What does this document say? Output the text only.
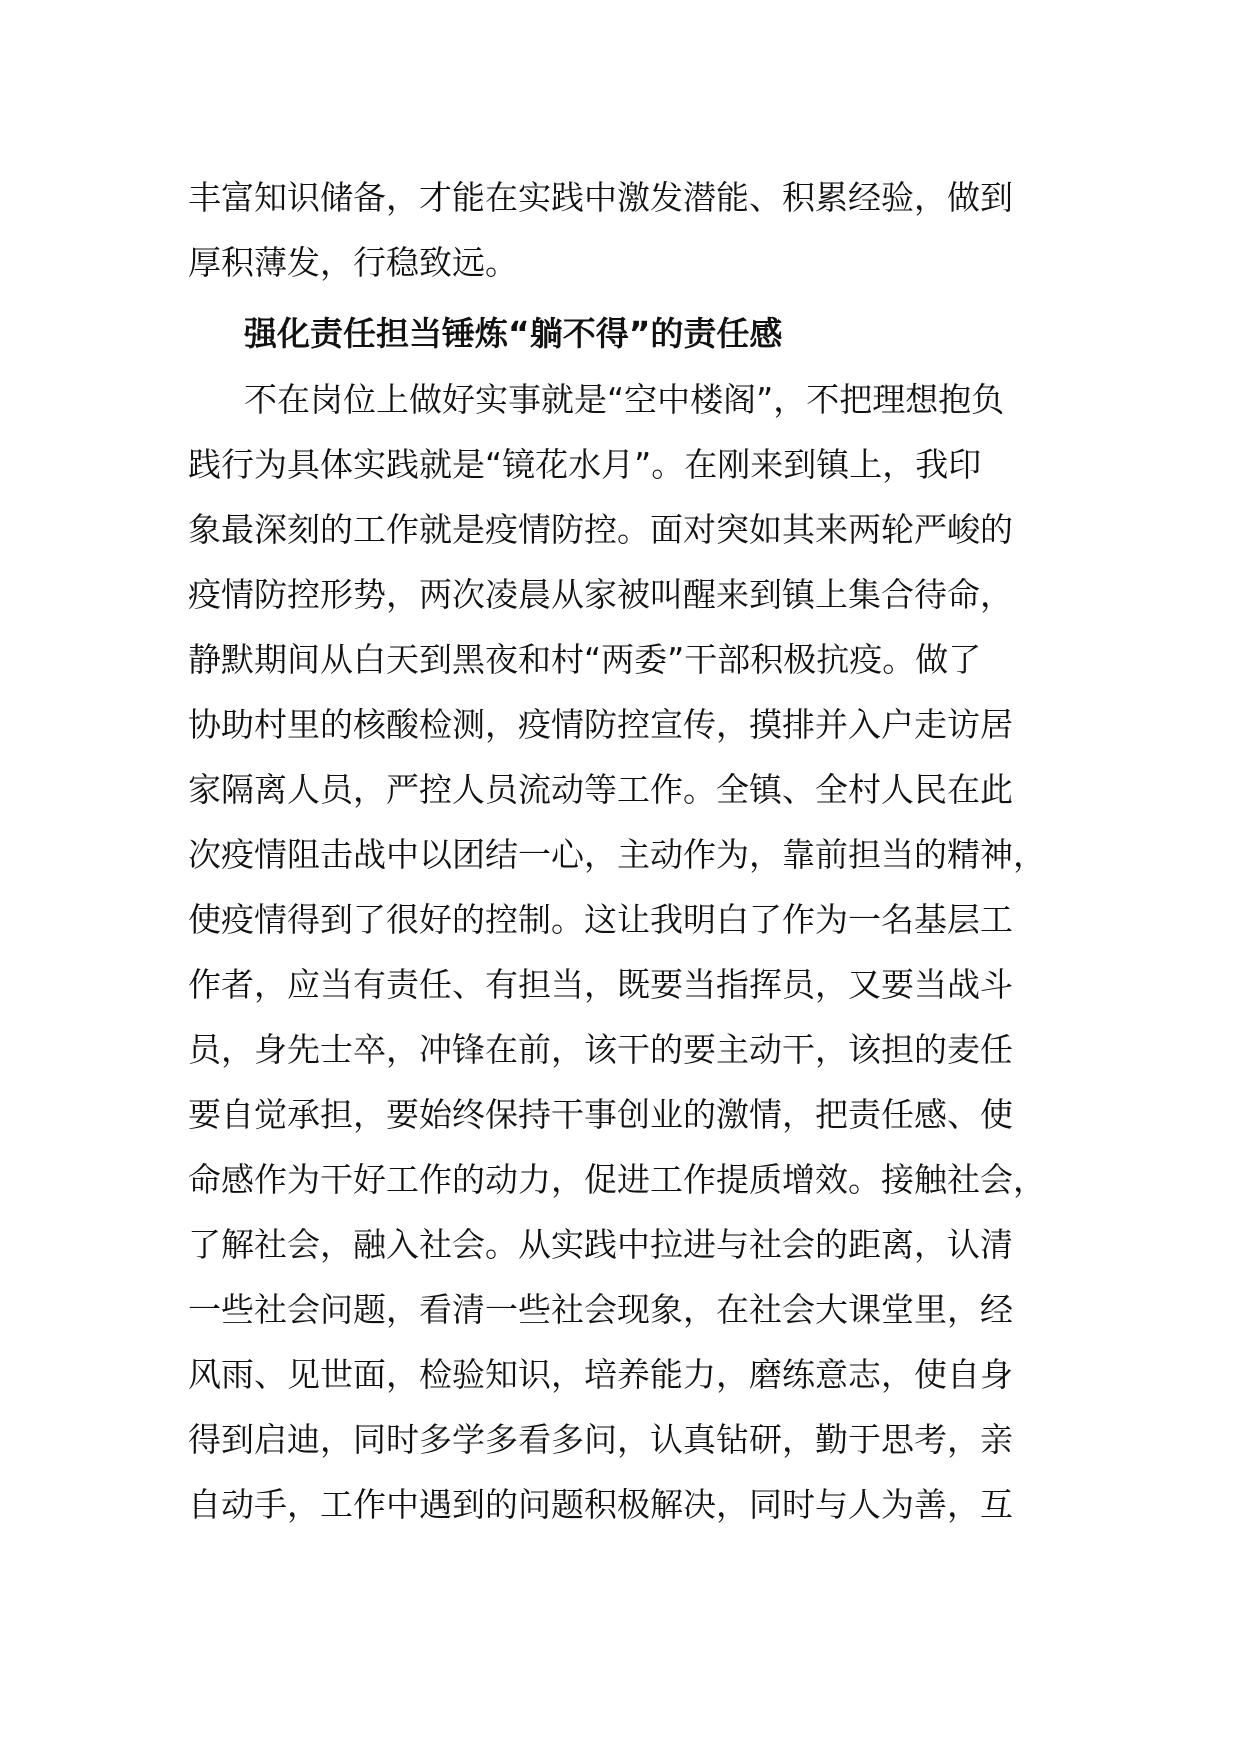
丰富知识储备，才能在实践中激发潜能、积累经验，做到
厚积薄发，行稳致远。
强化责任担当锤炼“躺不得”的责任感
不在岗位上做好实事就是“空中楼阁”，不把理想抱负
践行为具体实践就是“镜花水月”。在刚来到镇上，我印
象最深刻的工作就是疫情防控。面对突如其来两轮严峻的
疫情防控形势，两次凌晨从家被叫醒来到镇上集合待命，
静默期间从白天到黑夜和村“两委”干部积极抗疫。做了
协助村里的核酸检测，疫情防控宣传，摸排并入户走访居
家隔离人员，严控人员流动等工作。全镇、全村人民在此
次疫情阻击战中以团结一心，主动作为，靠前担当的精神，
使疫情得到了很好的控制。这让我明白了作为一名基层工
作者，应当有责任、有担当，既要当指挥员，又要当战斗
员，身先士卒，冲锋在前，该干的要主动干，该担的麦任
要自觉承担，要始终保持干事创业的激情，把责任感、使
命感作为干好工作的动力，促进工作提质增效。接触社会，
了解社会，融入社会。从实践中拉进与社会的距离，认清
一些社会问题，看清一些社会现象，在社会大课堂里，经
风雨、见世面，检验知识，培养能力，磨练意志，使自身
得到启迪，同时多学多看多问，认真钻研，勤于思考，亲
自动手，工作中遇到的问题积极解决，同时与人为善，互
